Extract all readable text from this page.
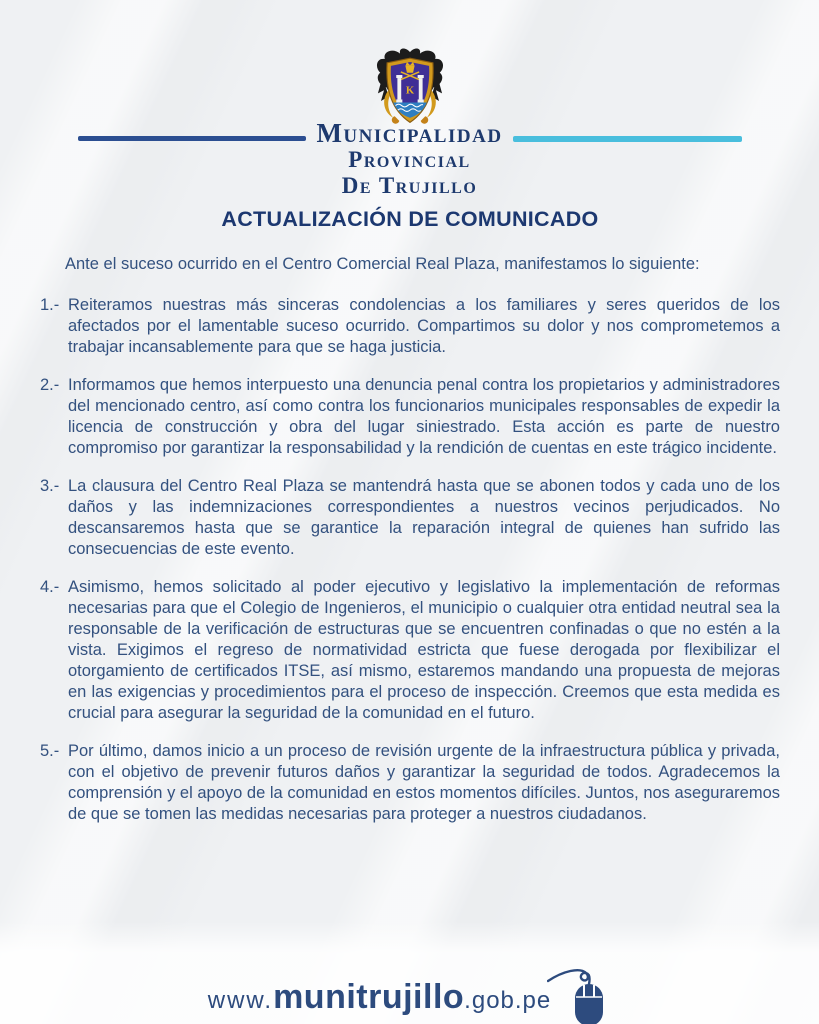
K
Municipalidad
Provincial
De Trujillo
ACTUALIZACIÓN DE COMUNICADO

Ante el suceso ocurrido en el Centro Comercial Real Plaza, manifestamos lo siguiente:

1.- Reiteramos nuestras más sinceras condolencias a los familiares y seres queridos de los afectados por el lamentable suceso ocurrido. Compartimos su dolor y nos comprometemos a trabajar incansablemente para que se haga justicia.
2.- Informamos que hemos interpuesto una denuncia penal contra los propietarios y administradores del mencionado centro, así como contra los funcionarios municipales responsables de expedir la licencia de construcción y obra del lugar siniestrado. Esta acción es parte de nuestro compromiso por garantizar la responsabilidad y la rendición de cuentas en este trágico incidente.
3.- La clausura del Centro Real Plaza se mantendrá hasta que se abonen todos y cada uno de los daños y las indemnizaciones correspondientes a nuestros vecinos perjudicados. No descansaremos hasta que se garantice la reparación integral de quienes han sufrido las consecuencias de este evento.
4.- Asimismo, hemos solicitado al poder ejecutivo y legislativo la implementación de reformas necesarias para que el Colegio de Ingenieros, el municipio o cualquier otra entidad neutral sea la responsable de la verificación de estructuras que se encuentren confinadas o que no estén a la vista. Exigimos el regreso de normatividad estricta que fuese derogada por flexibilizar el otorgamiento de certificados ITSE, así mismo, estaremos mandando una propuesta de mejoras en las exigencias y procedimientos para el proceso de inspección. Creemos que esta medida es crucial para asegurar la seguridad de la comunidad en el futuro.
5.- Por último, damos inicio a un proceso de revisión urgente de la infraestructura pública y privada, con el objetivo de prevenir futuros daños y garantizar la seguridad de todos. Agradecemos la comprensión y el apoyo de la comunidad en estos momentos difíciles. Juntos, nos aseguraremos de que se tomen las medidas necesarias para proteger a nuestros ciudadanos.
www. munitrujillo .gob.pe
